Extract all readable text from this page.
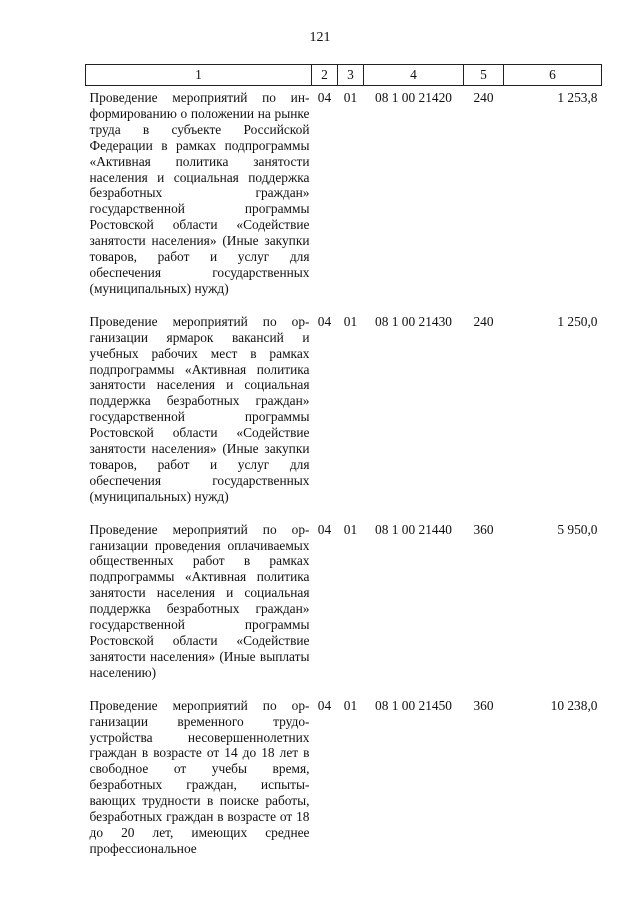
121
1	2	3	4	5	6
Проведение мероприятий по информированию о положении на рынке труда в субъекте Российской Федерации в рамках подпрограммы «Активная политика занятости населения и социальная поддержка безработных граждан» государственной программы Ростовской области «Содействие занятости населения» (Иные закупки товаров, работ и услуг для обеспечения государственных (муниципальных) нужд)	04	01	08 1 00 21420	240	1 253,8
Проведение мероприятий по организации ярмарок вакансий и учебных рабочих мест в рамках подпрограммы «Активная политика занятости населения и социальная поддержка безработных граждан» государственной программы Ростовской области «Содействие занятости населения» (Иные закупки товаров, работ и услуг для обеспечения государственных (муниципальных) нужд)	04	01	08 1 00 21430	240	1 250,0
Проведение мероприятий по организации проведения оплачиваемых общественных работ в рамках подпрограммы «Активная политика занятости населения и социальная поддержка безработных граждан» государственной программы Ростовской области «Содействие занятости населения» (Иные выплаты населению)	04	01	08 1 00 21440	360	5 950,0
Проведение мероприятий по организации временного трудоустройства несовершеннолетних граждан в возрасте от 14 до 18 лет в свободное от учебы время, безработных граждан, испытывающих трудности в поиске работы, безработных граждан в возрасте от 18 до 20 лет, имеющих среднее профессиональное	04	01	08 1 00 21450	360	10 238,0
